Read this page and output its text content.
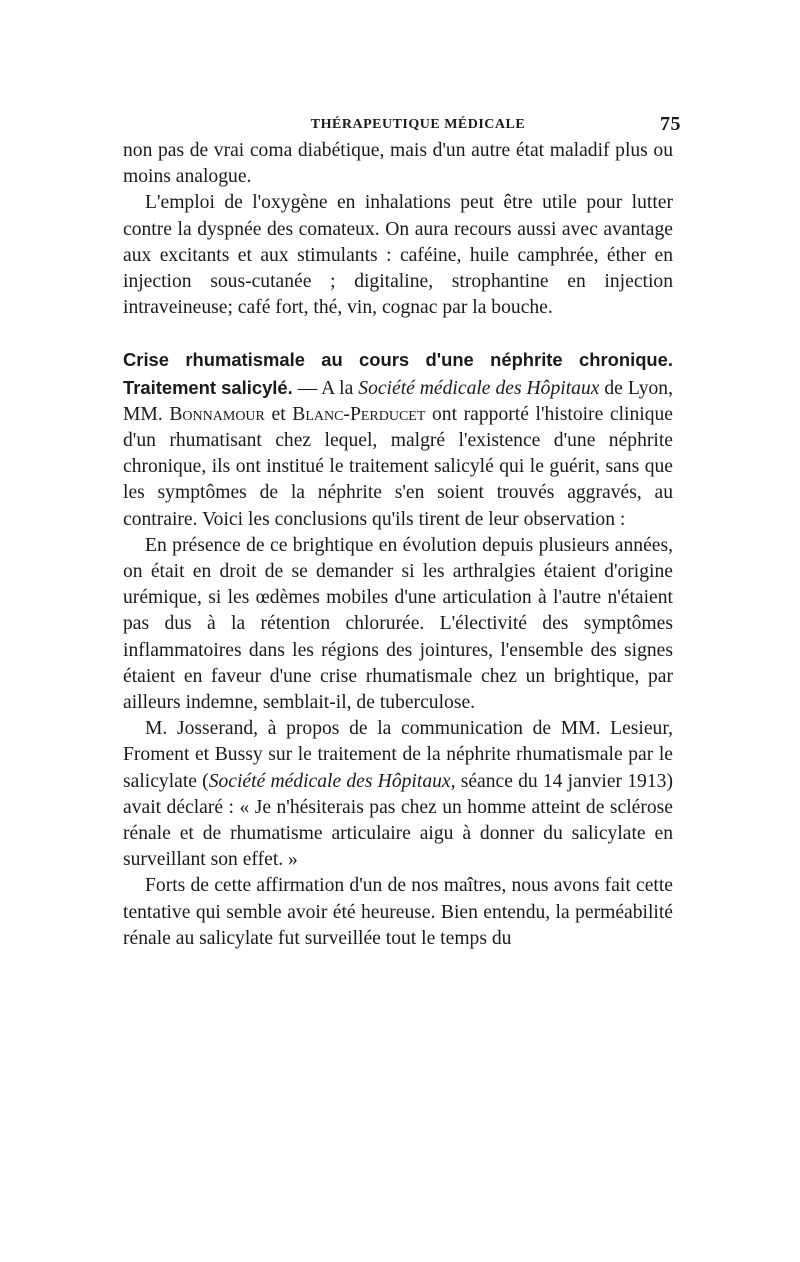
THÉRAPEUTIQUE MÉDICALE	75

non pas de vrai coma diabétique, mais d'un autre état maladif plus ou moins analogue.

L'emploi de l'oxygène en inhalations peut être utile pour lutter contre la dyspnée des comateux. On aura recours aussi avec avantage aux excitants et aux stimulants : caféine, huile camphrée, éther en injection sous-cutanée ; digitaline, strophantine en injection intraveineuse; café fort, thé, vin, cognac par la bouche.

Crise rhumatismale au cours d'une néphrite chronique. Traitement salicylé. — A la Société médicale des Hôpitaux de Lyon, MM. Bonnamour et Blanc-Perducet ont rapporté l'histoire clinique d'un rhumatisant chez lequel, malgré l'existence d'une néphrite chronique, ils ont institué le traitement salicylé qui le guérit, sans que les symptômes de la néphrite s'en soient trouvés aggravés, au contraire. Voici les conclusions qu'ils tirent de leur observation :

En présence de ce brightique en évolution depuis plusieurs années, on était en droit de se demander si les arthralgies étaient d'origine urémique, si les œdèmes mobiles d'une articulation à l'autre n'étaient pas dus à la rétention chlorurée. L'électivité des symptômes inflammatoires dans les régions des jointures, l'ensemble des signes étaient en faveur d'une crise rhumatismale chez un brightique, par ailleurs indemne, semblait-il, de tuberculose.

M. Josserand, à propos de la communication de MM. Lesieur, Froment et Bussy sur le traitement de la néphrite rhumatismale par le salicylate (Société médicale des Hôpitaux, séance du 14 janvier 1913) avait déclaré : « Je n'hésiterais pas chez un homme atteint de sclérose rénale et de rhumatisme articulaire aigu à donner du salicylate en surveillant son effet. »

Forts de cette affirmation d'un de nos maîtres, nous avons fait cette tentative qui semble avoir été heureuse. Bien entendu, la perméabilité rénale au salicylate fut surveillée tout le temps du
